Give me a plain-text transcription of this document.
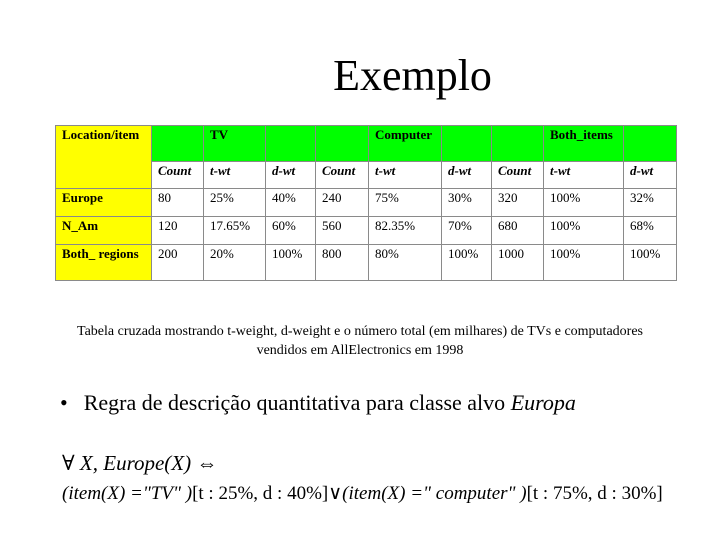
Exemplo
Location/item		TV			Computer			Both_items	
	Count	t-wt	d-wt	Count	t-wt	d-wt	Count	t-wt	d-wt
Europe	80	25%	40%	240	75%	30%	320	100%	32%
N_Am	120	17.65%	60%	560	82.35%	70%	680	100%	68%
Both_ regions	200	20%	100%	800	80%	100%	1000	100%	100%
Tabela cruzada mostrando t-weight, d-weight e o número total (em milhares) de TVs e computadores vendidos em AllElectronics em 1998
• Regra de descrição quantitativa para classe alvo Europa
∀ X, Europe(X) ⇔
(item(X) ="TV" )[t : 25%, d : 40%]∨(item(X) =" computer" )[t : 75%, d : 30%]
